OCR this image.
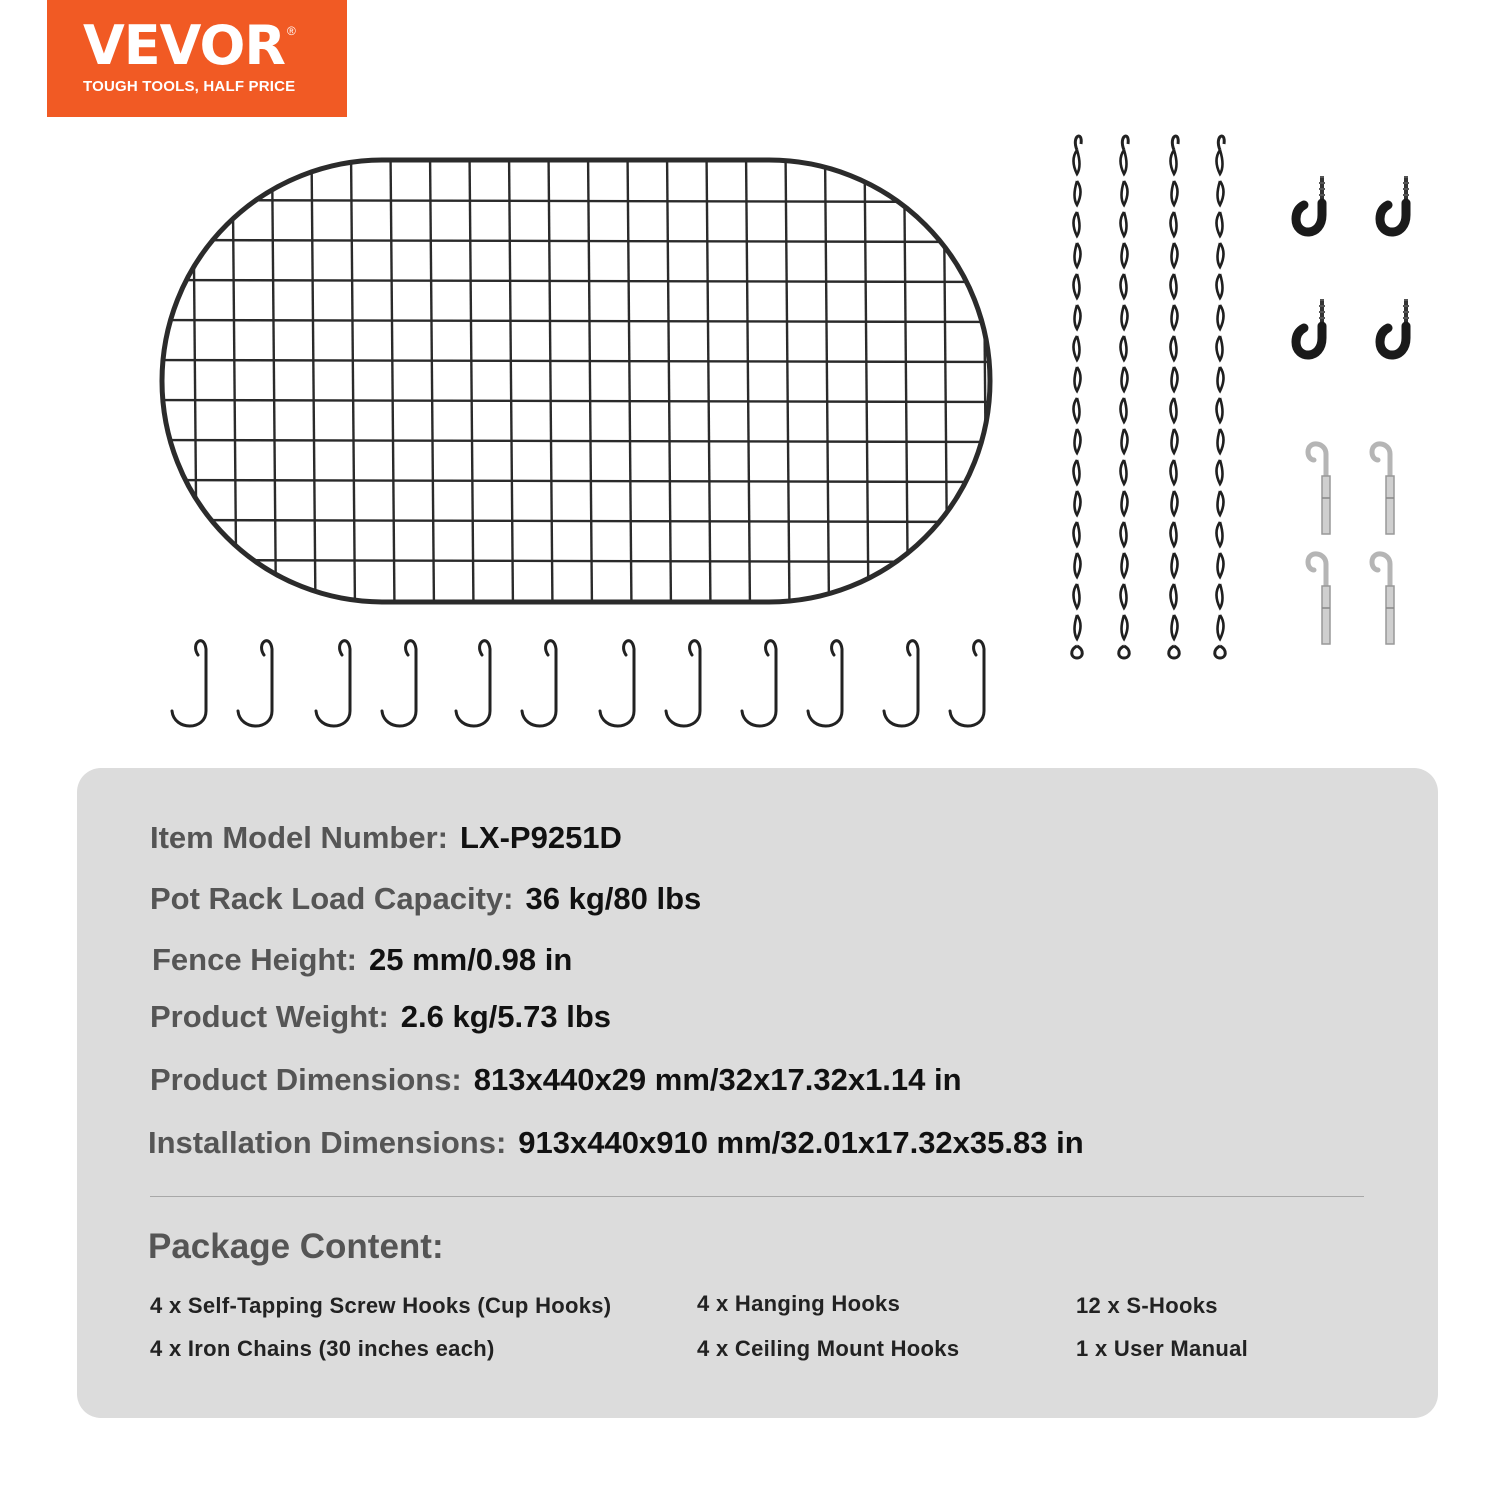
VEVOR ®
TOUGH TOOLS, HALF PRICE
Item Model Number: LX-P9251D
Pot Rack Load Capacity: 36 kg/80 lbs
Fence Height: 25 mm/0.98 in
Product Weight: 2.6 kg/5.73 lbs
Product Dimensions: 813x440x29 mm/32x17.32x1.14 in
Installation Dimensions: 913x440x910 mm/32.01x17.32x35.83 in
Package Content:
4 x Self-Tapping Screw Hooks (Cup Hooks)	4 x Hanging Hooks	12 x S-Hooks
4 x Iron Chains (30 inches each)	4 x Ceiling Mount Hooks	1 x User Manual
